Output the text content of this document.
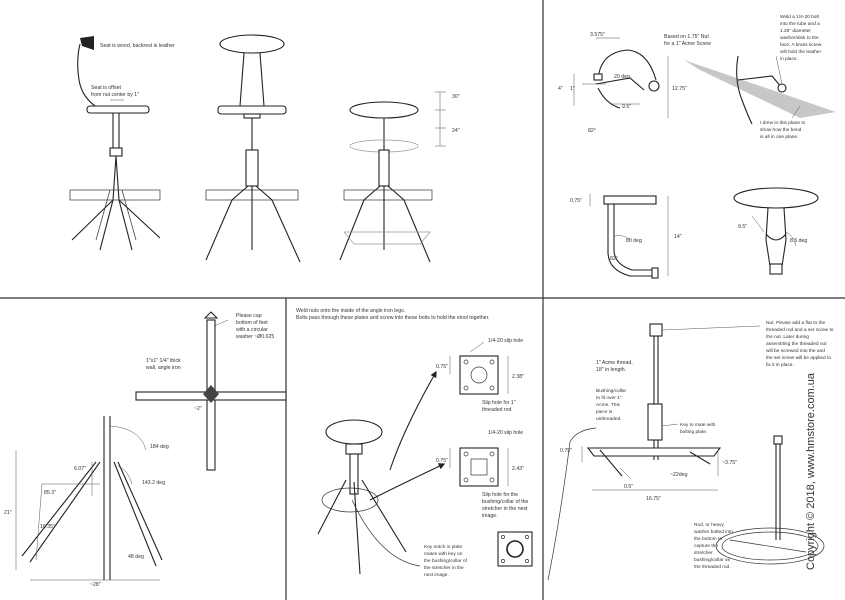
Seat is wood, backrest is leather
Seat is offset
from nut center by 1"	30"
24"
3.575"	Based on 1.75" Nut
for a 1" Acme Screw
4" 1"
20 deg
12.75"
9.5"
82°
Weld a 1/4-20 bolt into the tube and a 1.25" diameter washer/disk to the face. A brass screw will hold the leather in place.
I drew in this plane to show how the bend is all in one plane.
0.75"
80 deg
14"
82°
9.5"
8.5 deg
Please cap bottom of feet with a circular washer ~Ø0.625
1"x1" 1/4" thick wall, angle iron
~2"
184 deg
6.07"
143.2 deg
85.3"
21"
16.35"
48 deg
~28"
Weld nuts onto the inside of the angle iron legs.
Bolts pass through these plates and screw into these bolts to hold the stool together.
1/4-20 slip hole
0.75"
2.38"
Slip hole for 1" threaded rod
1/4-20 slip hole
0.75"
2.43"
Slip hole for the bushing/collar of the stretcher in the next image.
Key notch in plate mates with key on the bushing/collar of the stretcher in the next image.
Nut. Please add a flat to the threaded rod and a set screw to the nut. Later during assembling the threaded nut will be screwed into the and the set screw will be applied to fix it in place.
1" Acme thread, 18" in length.
Bushing/collar to fit over 1" Acme. This piece is unthreaded.
Key to mate with bolting plate.
0.75"
~3.75"
~22deg
0.5"
16.75"
Rod, or heavy washer bolted into the bottom to capture the stretcher bushing/collar on the threaded rod.	Copyright © 2018, www.hmstore.com.ua
